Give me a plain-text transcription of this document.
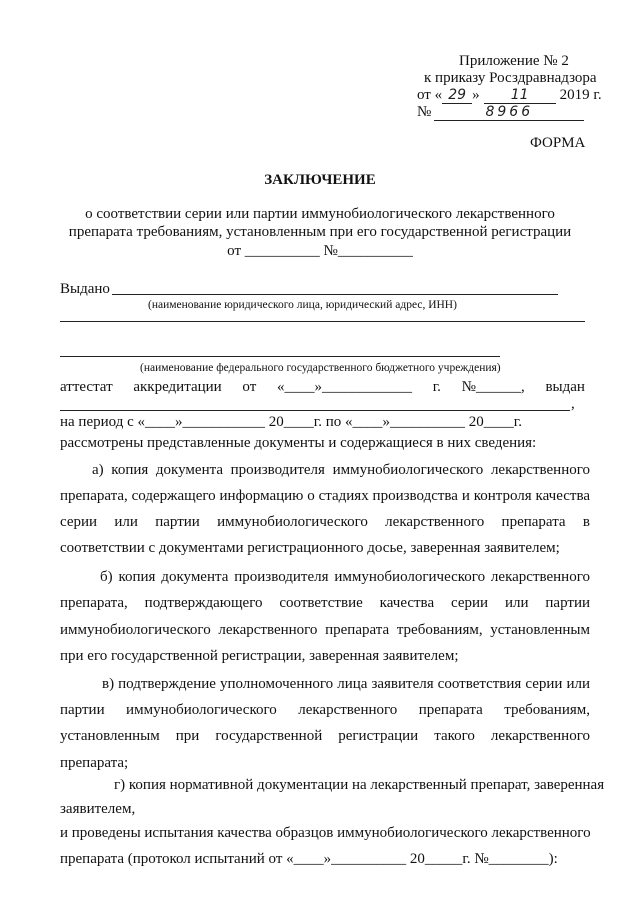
Приложение № 2
к приказу Росздравнадзора
от « 29 » 11 2019 г.
№	8966
ФОРМА
ЗАКЛЮЧЕНИЕ
о соответствии серии или партии иммунобиологического лекарственного
препарата требованиям, установленным при его государственной регистрации
от __________ №__________
Выдано
(наименование юридического лица, юридический адрес, ИНН)
(наименование федерального государственного бюджетного учреждения)
аттестат аккредитации от «____»____________ г. №______, выдан
,
на период с «____»___________ 20____г. по «____»__________ 20____г.
рассмотрены представленные документы и содержащиеся в них сведения:
а) копия документа производителя иммунобиологического лекарственного
препарата, содержащего информацию о стадиях производства и контроля качества
серии или партии иммунобиологического лекарственного препарата в
соответствии с документами регистрационного досье, заверенная заявителем;
б) копия документа производителя иммунобиологического лекарственного
препарата, подтверждающего соответствие качества серии или партии
иммунобиологического лекарственного препарата требованиям, установленным
при его государственной регистрации, заверенная заявителем;
в) подтверждение уполномоченного лица заявителя соответствия серии или
партии иммунобиологического лекарственного препарата требованиям,
установленным при государственной регистрации такого лекарственного
препарата;
г) копия нормативной документации на лекарственный препарат, заверенная
заявителем,
и проведены испытания качества образцов иммунобиологического лекарственного
препарата (протокол испытаний от «____»__________ 20_____г. №________):
